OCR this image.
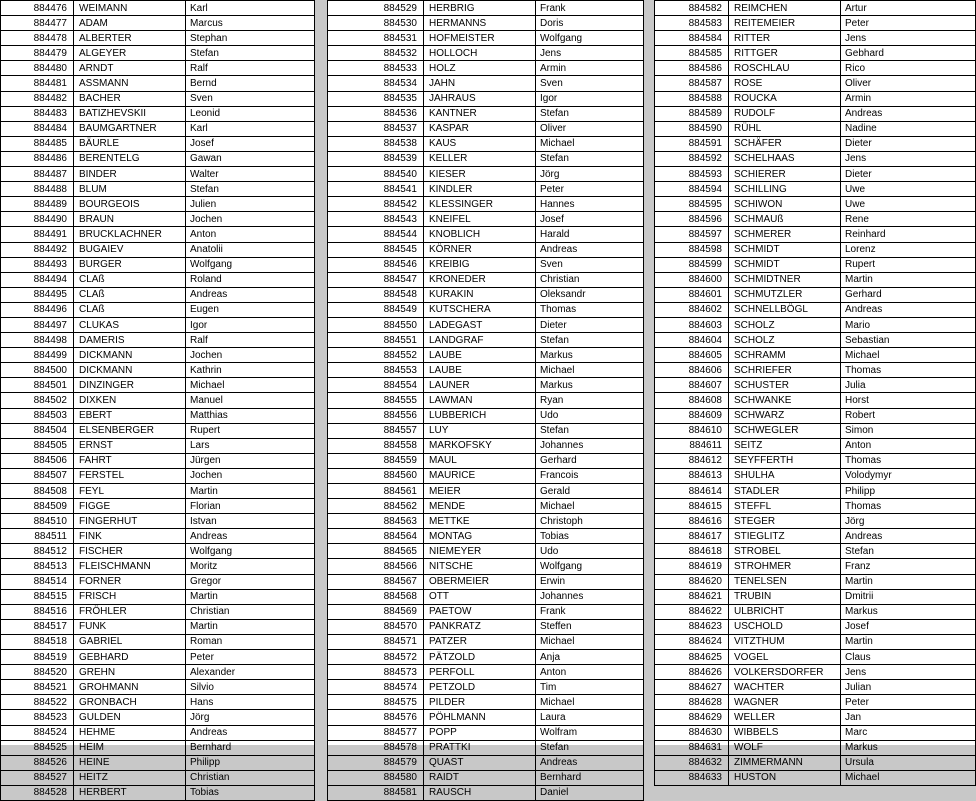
884476	WEIMANN	Karl
884477	ADAM	Marcus
884478	ALBERTER	Stephan
884479	ALGEYER	Stefan
884480	ARNDT	Ralf
884481	ASSMANN	Bernd
884482	BACHER	Sven
884483	BATIZHEVSKII	Leonid
884484	BAUMGARTNER	Karl
884485	BÄURLE	Josef
884486	BERENTELG	Gawan
884487	BINDER	Walter
884488	BLUM	Stefan
884489	BOURGEOIS	Julien
884490	BRAUN	Jochen
884491	BRUCKLACHNER	Anton
884492	BUGAIEV	Anatolii
884493	BURGER	Wolfgang
884494	CLAß	Roland
884495	CLAß	Andreas
884496	CLAß	Eugen
884497	CLUKAS	Igor
884498	DAMERIS	Ralf
884499	DICKMANN	Jochen
884500	DICKMANN	Kathrin
884501	DINZINGER	Michael
884502	DIXKEN	Manuel
884503	EBERT	Matthias
884504	ELSENBERGER	Rupert
884505	ERNST	Lars
884506	FAHRT	Jürgen
884507	FERSTEL	Jochen
884508	FEYL	Martin
884509	FIGGE	Florian
884510	FINGERHUT	Istvan
884511	FINK	Andreas
884512	FISCHER	Wolfgang
884513	FLEISCHMANN	Moritz
884514	FORNER	Gregor
884515	FRISCH	Martin
884516	FRÖHLER	Christian
884517	FUNK	Martin
884518	GABRIEL	Roman
884519	GEBHARD	Peter
884520	GREHN	Alexander
884521	GROHMANN	Silvio
884522	GRONBACH	Hans
884523	GULDEN	Jörg
884524	HEHME	Andreas
884525	HEIM	Bernhard
884526	HEINE	Philipp
884527	HEITZ	Christian
884528	HERBERT	Tobias
884529	HERBRIG	Frank
884530	HERMANNS	Doris
884531	HOFMEISTER	Wolfgang
884532	HOLLOCH	Jens
884533	HOLZ	Armin
884534	JAHN	Sven
884535	JAHRAUS	Igor
884536	KANTNER	Stefan
884537	KASPAR	Oliver
884538	KAUS	Michael
884539	KELLER	Stefan
884540	KIESER	Jörg
884541	KINDLER	Peter
884542	KLESSINGER	Hannes
884543	KNEIFEL	Josef
884544	KNOBLICH	Harald
884545	KÖRNER	Andreas
884546	KREIBIG	Sven
884547	KRONEDER	Christian
884548	KURAKIN	Oleksandr
884549	KUTSCHERA	Thomas
884550	LADEGAST	Dieter
884551	LANDGRAF	Stefan
884552	LAUBE	Markus
884553	LAUBE	Michael
884554	LAUNER	Markus
884555	LAWMAN	Ryan
884556	LUBBERICH	Udo
884557	LUY	Stefan
884558	MARKOFSKY	Johannes
884559	MAUL	Gerhard
884560	MAURICE	Francois
884561	MEIER	Gerald
884562	MENDE	Michael
884563	METTKE	Christoph
884564	MONTAG	Tobias
884565	NIEMEYER	Udo
884566	NITSCHE	Wolfgang
884567	OBERMEIER	Erwin
884568	OTT	Johannes
884569	PAETOW	Frank
884570	PANKRATZ	Steffen
884571	PATZER	Michael
884572	PÄTZOLD	Anja
884573	PERFOLL	Anton
884574	PETZOLD	Tim
884575	PILDER	Michael
884576	PÖHLMANN	Laura
884577	POPP	Wolfram
884578	PRATTKI	Stefan
884579	QUAST	Andreas
884580	RAIDT	Bernhard
884581	RAUSCH	Daniel
884582	REIMCHEN	Artur
884583	REITEMEIER	Peter
884584	RITTER	Jens
884585	RITTGER	Gebhard
884586	ROSCHLAU	Rico
884587	ROSE	Oliver
884588	ROUCKA	Armin
884589	RUDOLF	Andreas
884590	RÜHL	Nadine
884591	SCHÄFER	Dieter
884592	SCHELHAAS	Jens
884593	SCHIERER	Dieter
884594	SCHILLING	Uwe
884595	SCHIWON	Uwe
884596	SCHMAUß	Rene
884597	SCHMERER	Reinhard
884598	SCHMIDT	Lorenz
884599	SCHMIDT	Rupert
884600	SCHMIDTNER	Martin
884601	SCHMUTZLER	Gerhard
884602	SCHNELLBÖGL	Andreas
884603	SCHOLZ	Mario
884604	SCHOLZ	Sebastian
884605	SCHRAMM	Michael
884606	SCHRIEFER	Thomas
884607	SCHUSTER	Julia
884608	SCHWANKE	Horst
884609	SCHWARZ	Robert
884610	SCHWEGLER	Simon
884611	SEITZ	Anton
884612	SEYFFERTH	Thomas
884613	SHULHA	Volodymyr
884614	STADLER	Philipp
884615	STEFFL	Thomas
884616	STEGER	Jörg
884617	STIEGLITZ	Andreas
884618	STROBEL	Stefan
884619	STROHMER	Franz
884620	TENELSEN	Martin
884621	TRUBIN	Dmitrii
884622	ULBRICHT	Markus
884623	USCHOLD	Josef
884624	VITZTHUM	Martin
884625	VOGEL	Claus
884626	VOLKERSDORFER	Jens
884627	WACHTER	Julian
884628	WAGNER	Peter
884629	WELLER	Jan
884630	WIBBELS	Marc
884631	WOLF	Markus
884632	ZIMMERMANN	Ursula
884633	HUSTON	Michael
